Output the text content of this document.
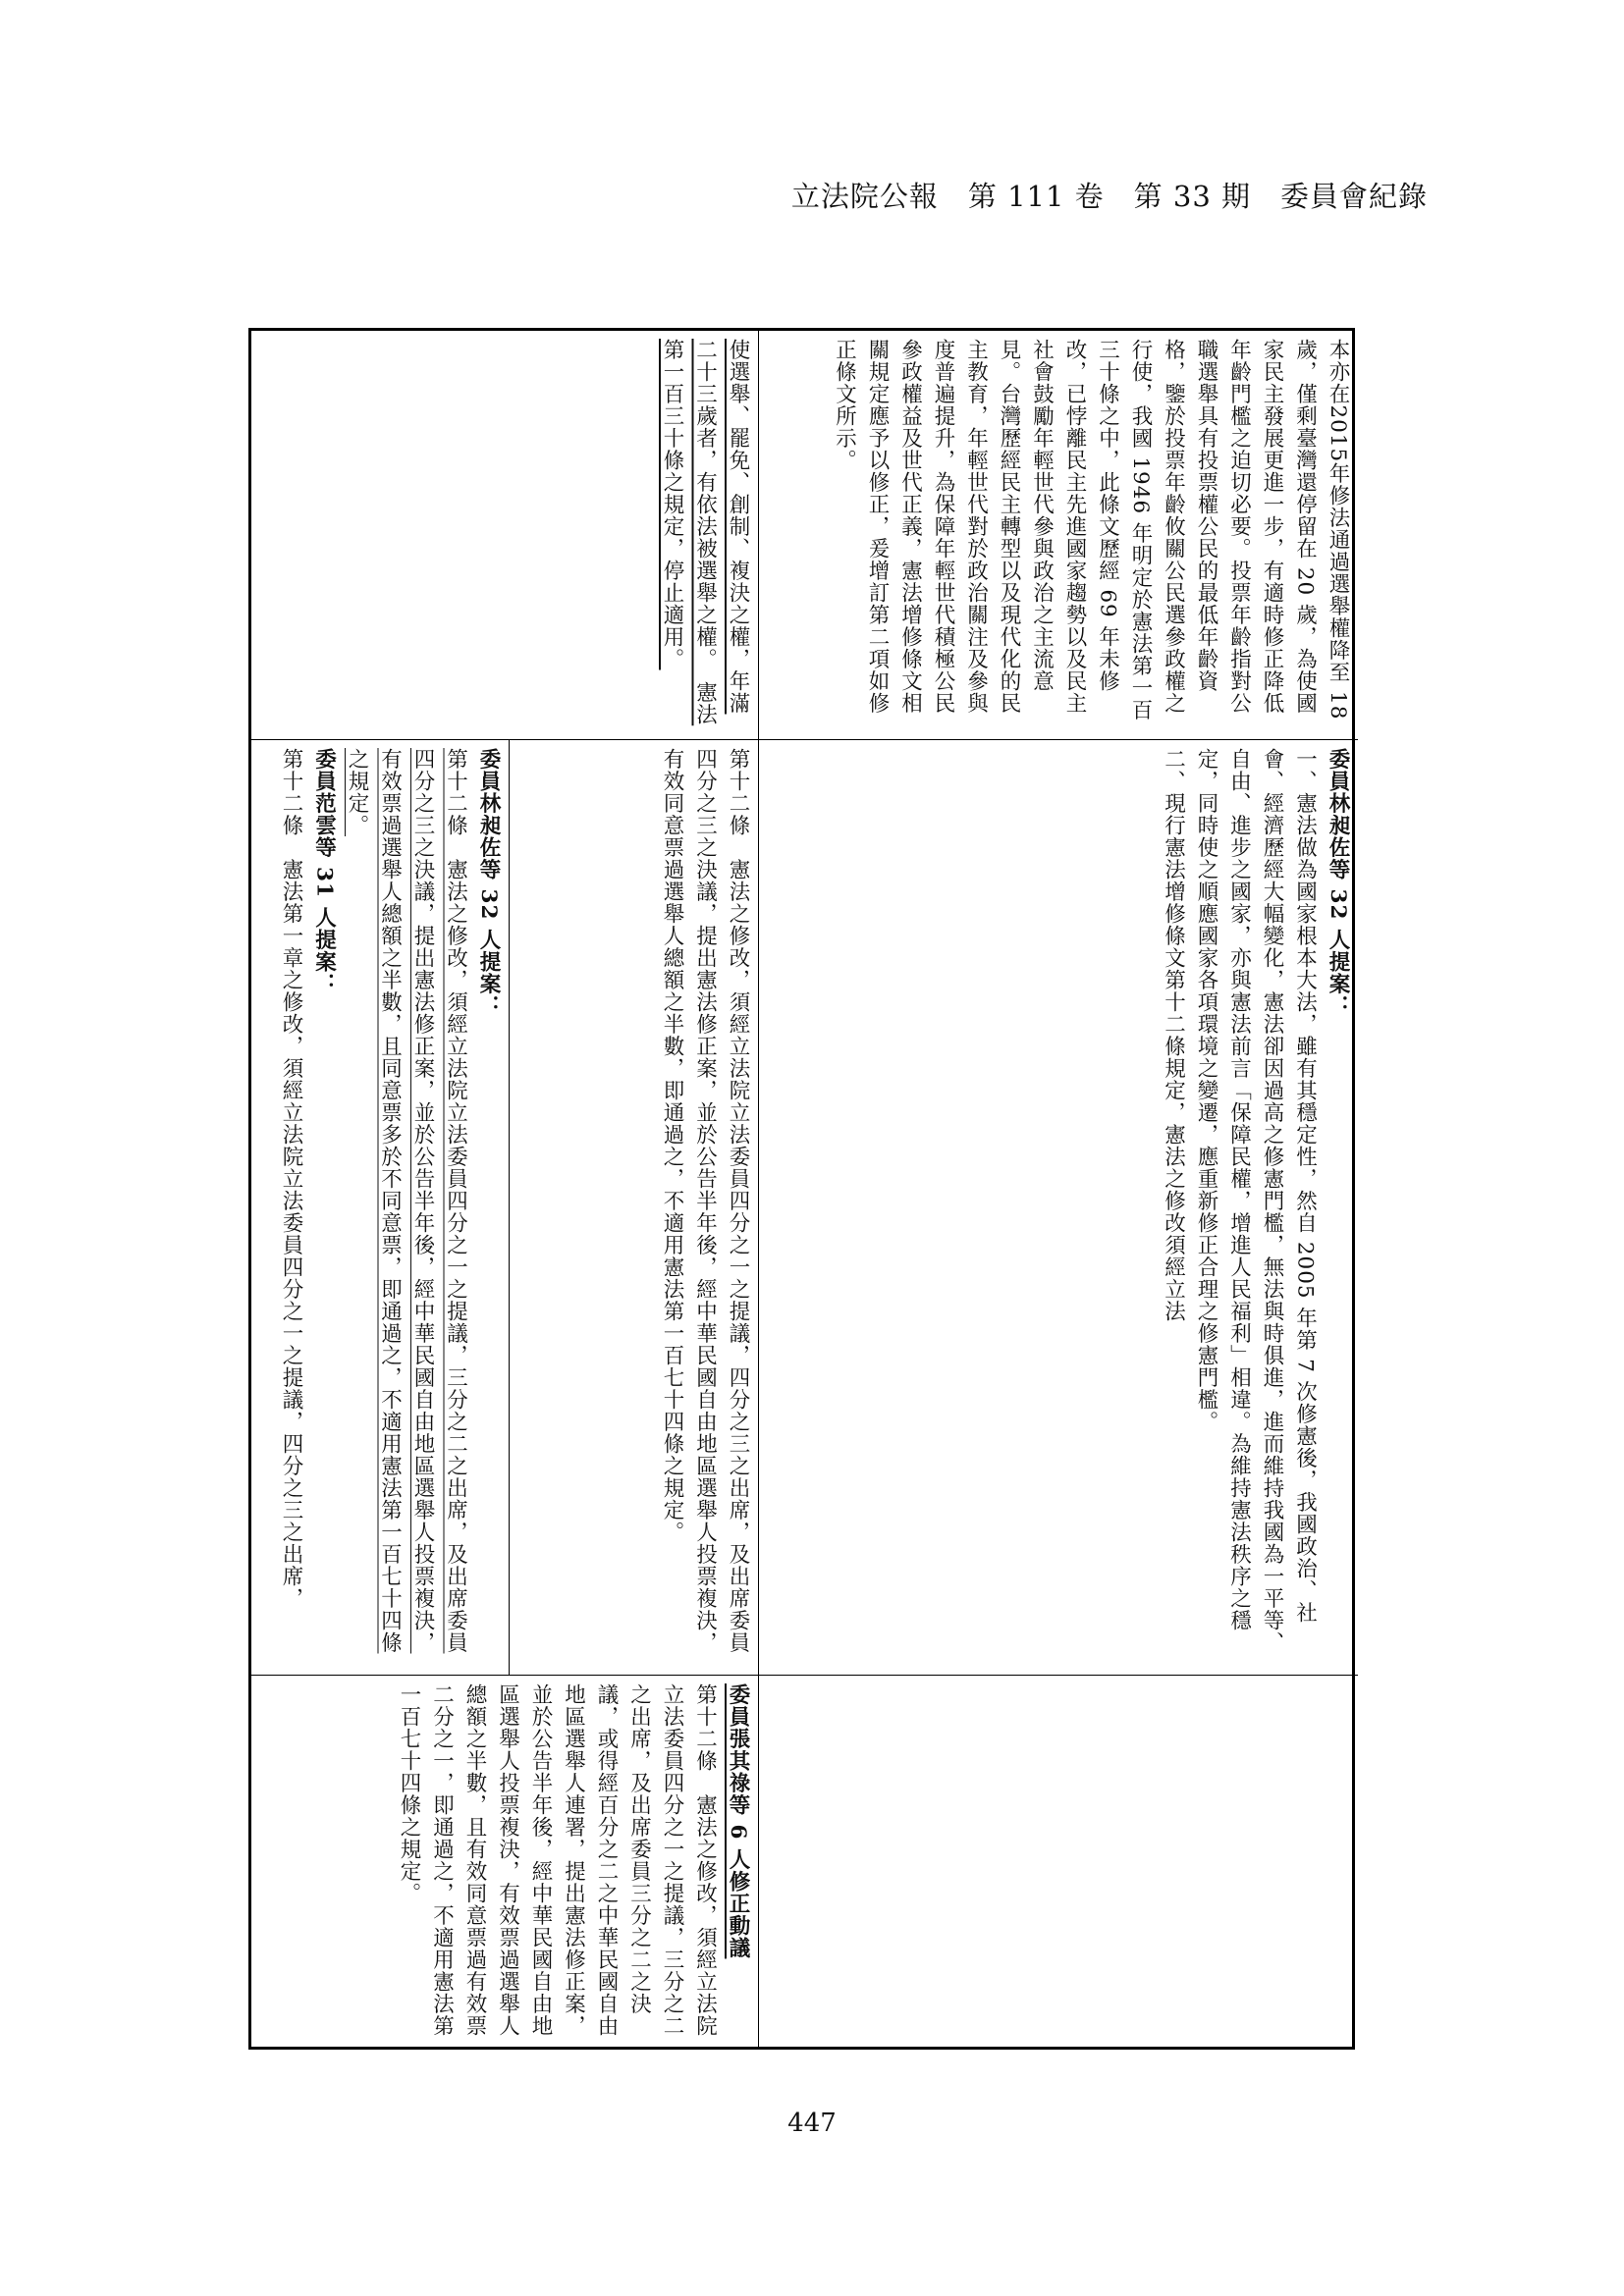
立法院公報　第 111 卷　第 33 期　委員會紀錄

本亦在2015年修法通過選舉權降至 18 歲，僅剩臺灣還停留在 20 歲，為使國家民主發展更進一步，有適時修正降低年齡門檻之迫切必要。投票年齡指對公職選舉具有投票權公民的最低年齡資格，鑒於投票年齡攸關公民選參政權之行使，我國 1946 年明定於憲法第一百三十條之中，此條文歷經 69 年未修改，已悖離民主先進國家趨勢以及民主社會鼓勵年輕世代參與政治之主流意見。台灣歷經民主轉型以及現代化的民主教育，年輕世代對於政治關注及參與度普遍提升，為保障年輕世代積極公民參政權益及世代正義，憲法增修條文相關規定應予以修正，爰增訂第二項如修正條文所示。

使選舉、罷免、創制、複決之權，年滿二十三歲者，有依法被選舉之權。　憲法第一百三十條之規定，停止適用。

委員林昶佐等 32 人提案：

一、憲法做為國家根本大法，雖有其穩定性，然自 2005 年第 7 次修憲後，我國政治、社會、經濟歷經大幅變化，憲法卻因過高之修憲門檻，無法與時俱進，進而維持我國為一平等、自由、進步之國家，亦與憲法前言「保障民權，增進人民福利」相違。為維持憲法秩序之穩定，同時使之順應國家各項環境之變遷，應重新修正合理之修憲門檻。
二、現行憲法增修條文第十二條規定，憲法之修改須經立法

第十二條　憲法之修改，須經立法院立法委員四分之一之提議，四分之三之出席，及出席委員四分之三之決議，提出憲法修正案，並於公告半年後，經中華民國自由地區選舉人投票複決，有效同意票過選舉人總額之半數，即通過之，不適用憲法第一百七十四條之規定。

委員林昶佐等 32 人提案：

第十二條　憲法之修改，須經立法院立法委員四分之一之提議，三分之二之出席，及出席委員四分之三之決議，提出憲法修正案，並於公告半年後，經中華民國自由地區選舉人投票複決，有效票過選舉人總額之半數，且同意票多於不同意票，即通過之，不適用憲法第一百七十四條之規定。

委員范雲等 31 人提案：

第十二條　憲法第一章之修改，須經立法院立法委員四分之一之提議，四分之三之出席，

委員張其祿等 6 人修正動議

第十二條　憲法之修改，須經立法院立法委員四分之一之提議，三分之二之出席，及出席委員三分之二之決議，或得經百分之二之中華民國自由地區選舉人連署，提出憲法修正案，並於公告半年後，經中華民國自由地區選舉人投票複決，有效票過選舉人總額之半數，且有效同意票過有效票二分之一，即通過之，不適用憲法第一百七十四條之規定。

447
